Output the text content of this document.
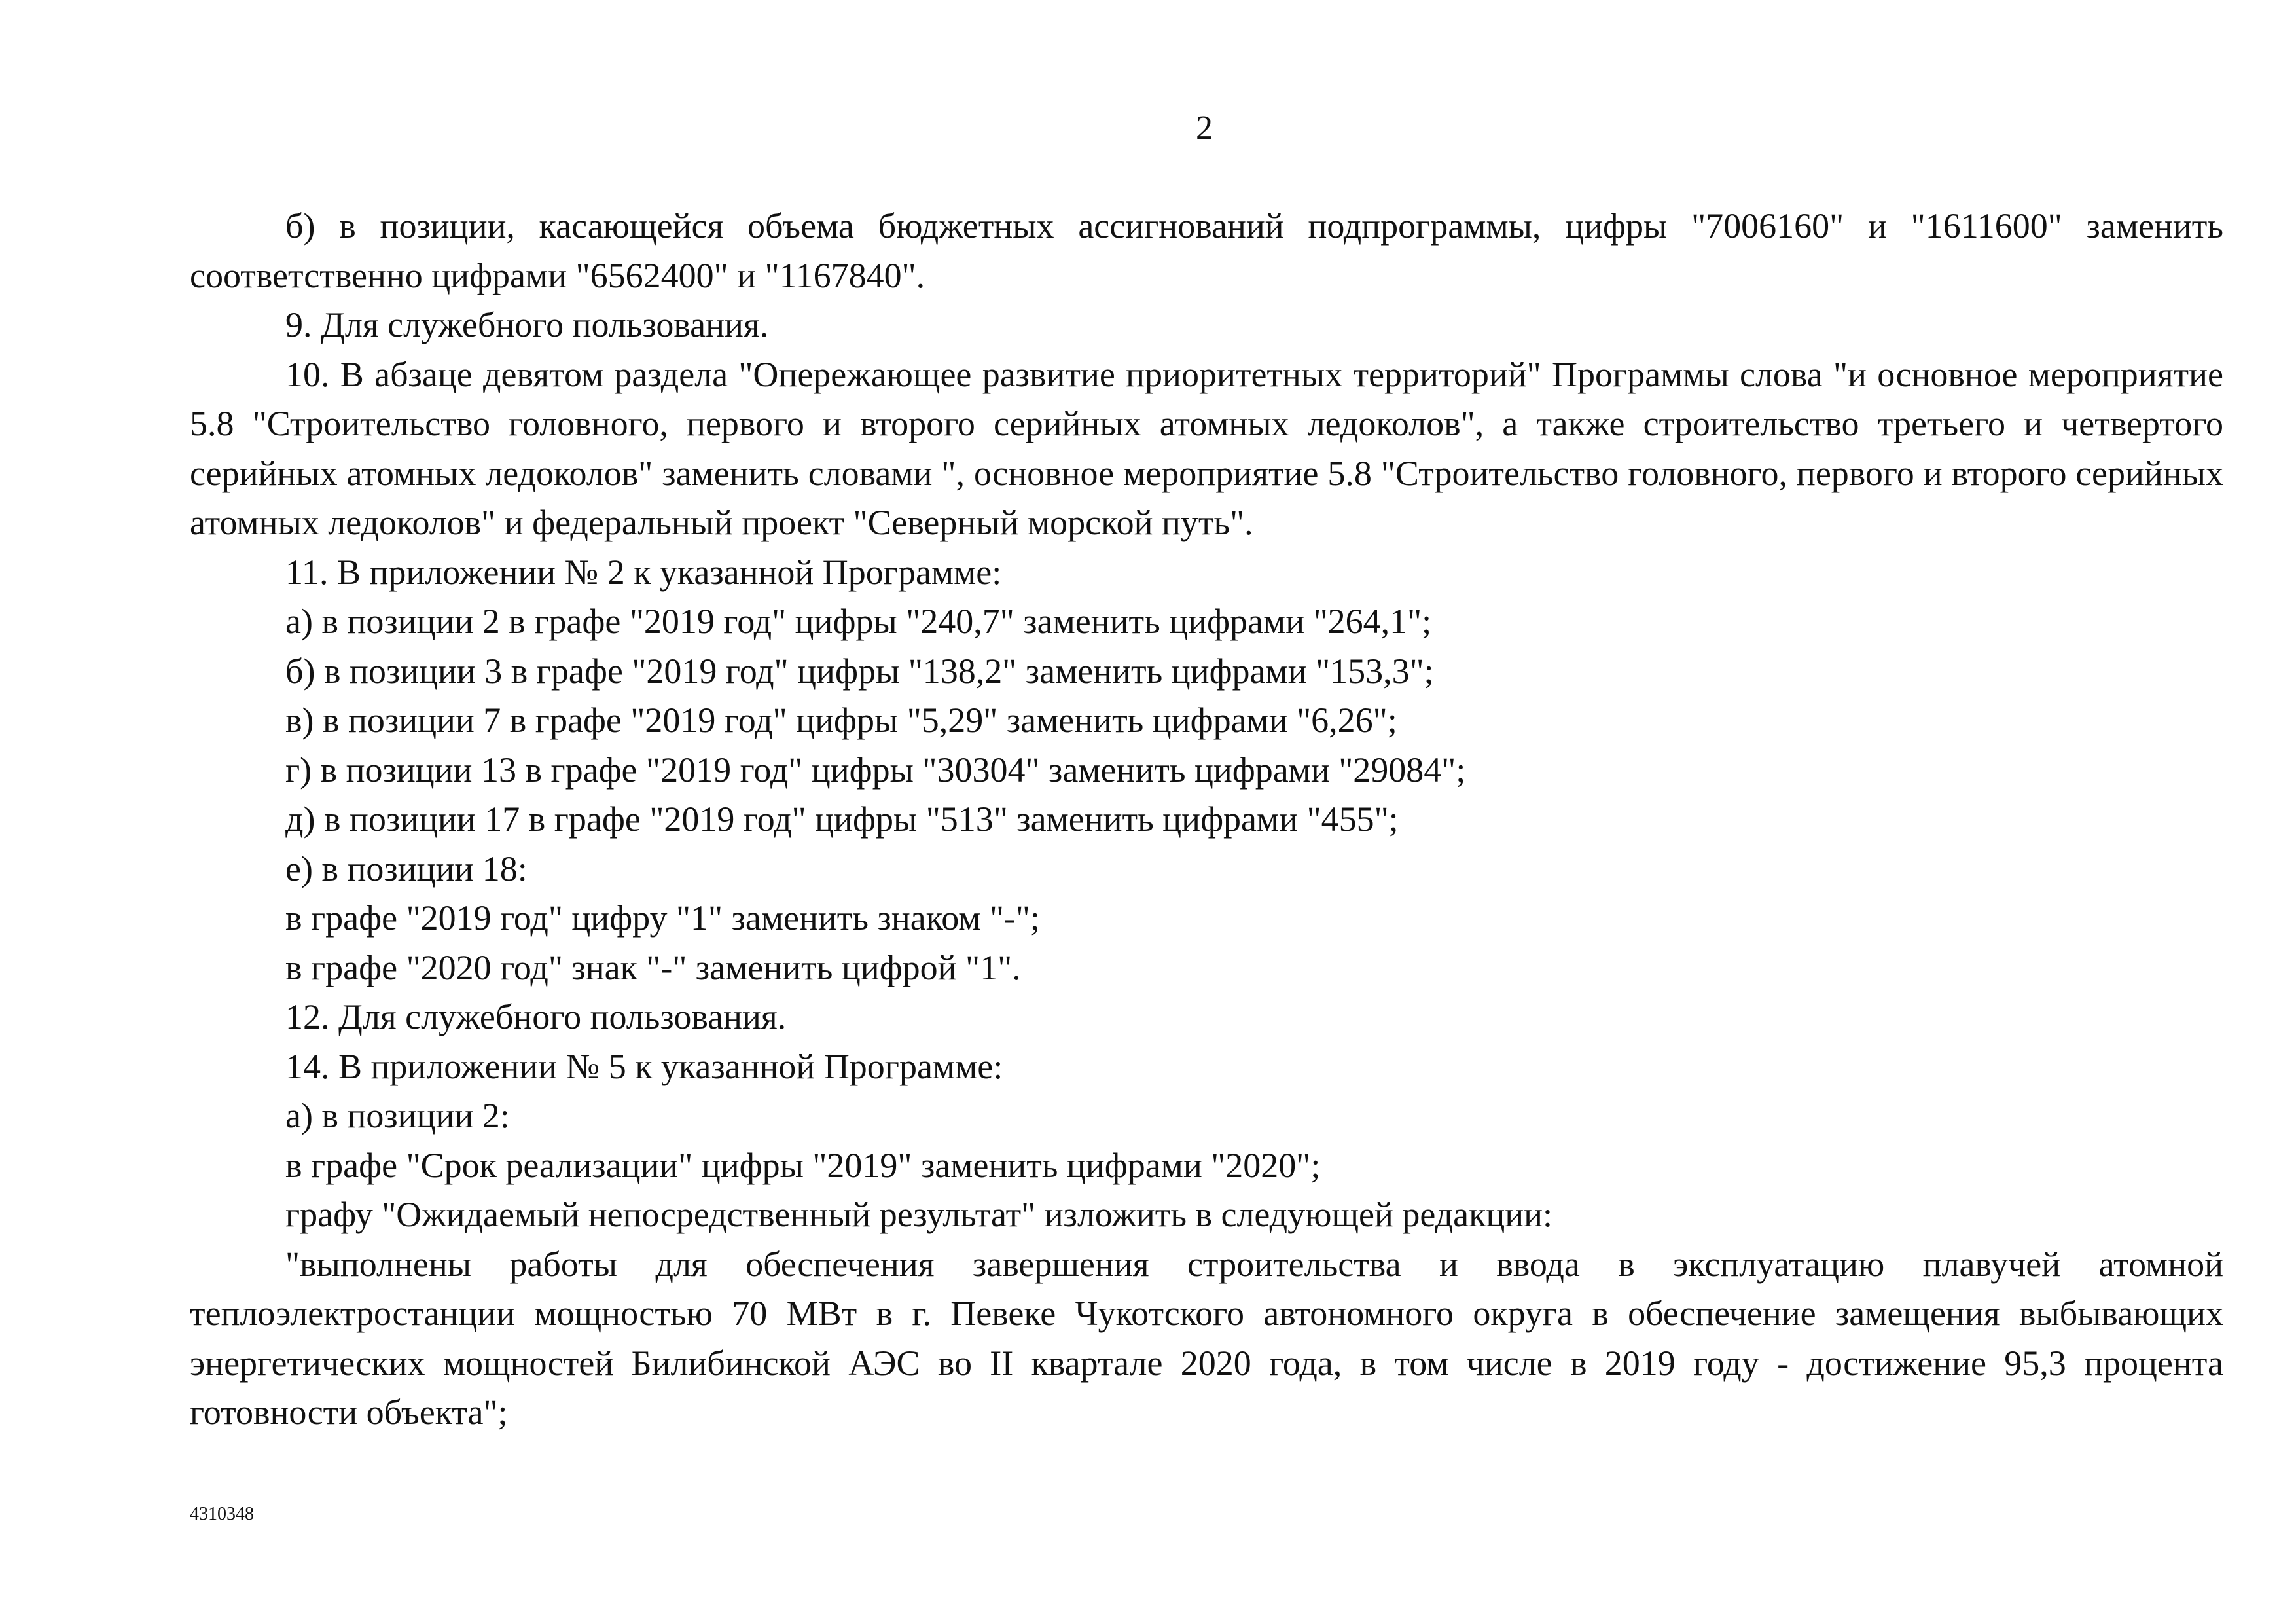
2

б) в позиции, касающейся объема бюджетных ассигнований подпрограммы, цифры "7006160" и "1611600" заменить соответственно цифрами "6562400" и "1167840".

9. Для служебного пользования.

10. В абзаце девятом раздела "Опережающее развитие приоритетных территорий" Программы слова "и основное мероприятие 5.8 "Строительство головного, первого и второго серийных атомных ледоколов", а также строительство третьего и четвертого серийных атомных ледоколов" заменить словами ", основное мероприятие 5.8 "Строительство головного, первого и второго серийных атомных ледоколов" и федеральный проект "Северный морской путь".

11. В приложении № 2 к указанной Программе:

а) в позиции 2 в графе "2019 год" цифры "240,7" заменить цифрами "264,1";

б) в позиции 3 в графе "2019 год" цифры "138,2" заменить цифрами "153,3";

в) в позиции 7 в графе "2019 год" цифры "5,29" заменить цифрами "6,26";

г) в позиции 13 в графе "2019 год" цифры "30304" заменить цифрами "29084";

д) в позиции 17 в графе "2019 год" цифры "513" заменить цифрами "455";

е) в позиции 18:

в графе "2019 год" цифру "1" заменить знаком "-";

в графе "2020 год" знак "-" заменить цифрой "1".

12. Для служебного пользования.

14. В приложении № 5 к указанной Программе:

а) в позиции 2:

в графе "Срок реализации" цифры "2019" заменить цифрами "2020";

графу "Ожидаемый непосредственный результат" изложить в следующей редакции:

"выполнены работы для обеспечения завершения строительства и ввода в эксплуатацию плавучей атомной теплоэлектростанции мощностью 70 МВт в г. Певеке Чукотского автономного округа в обеспечение замещения выбывающих энергетических мощностей Билибинской АЭС во II квартале 2020 года, в том числе в 2019 году - достижение 95,3 процента готовности объекта";

4310348
